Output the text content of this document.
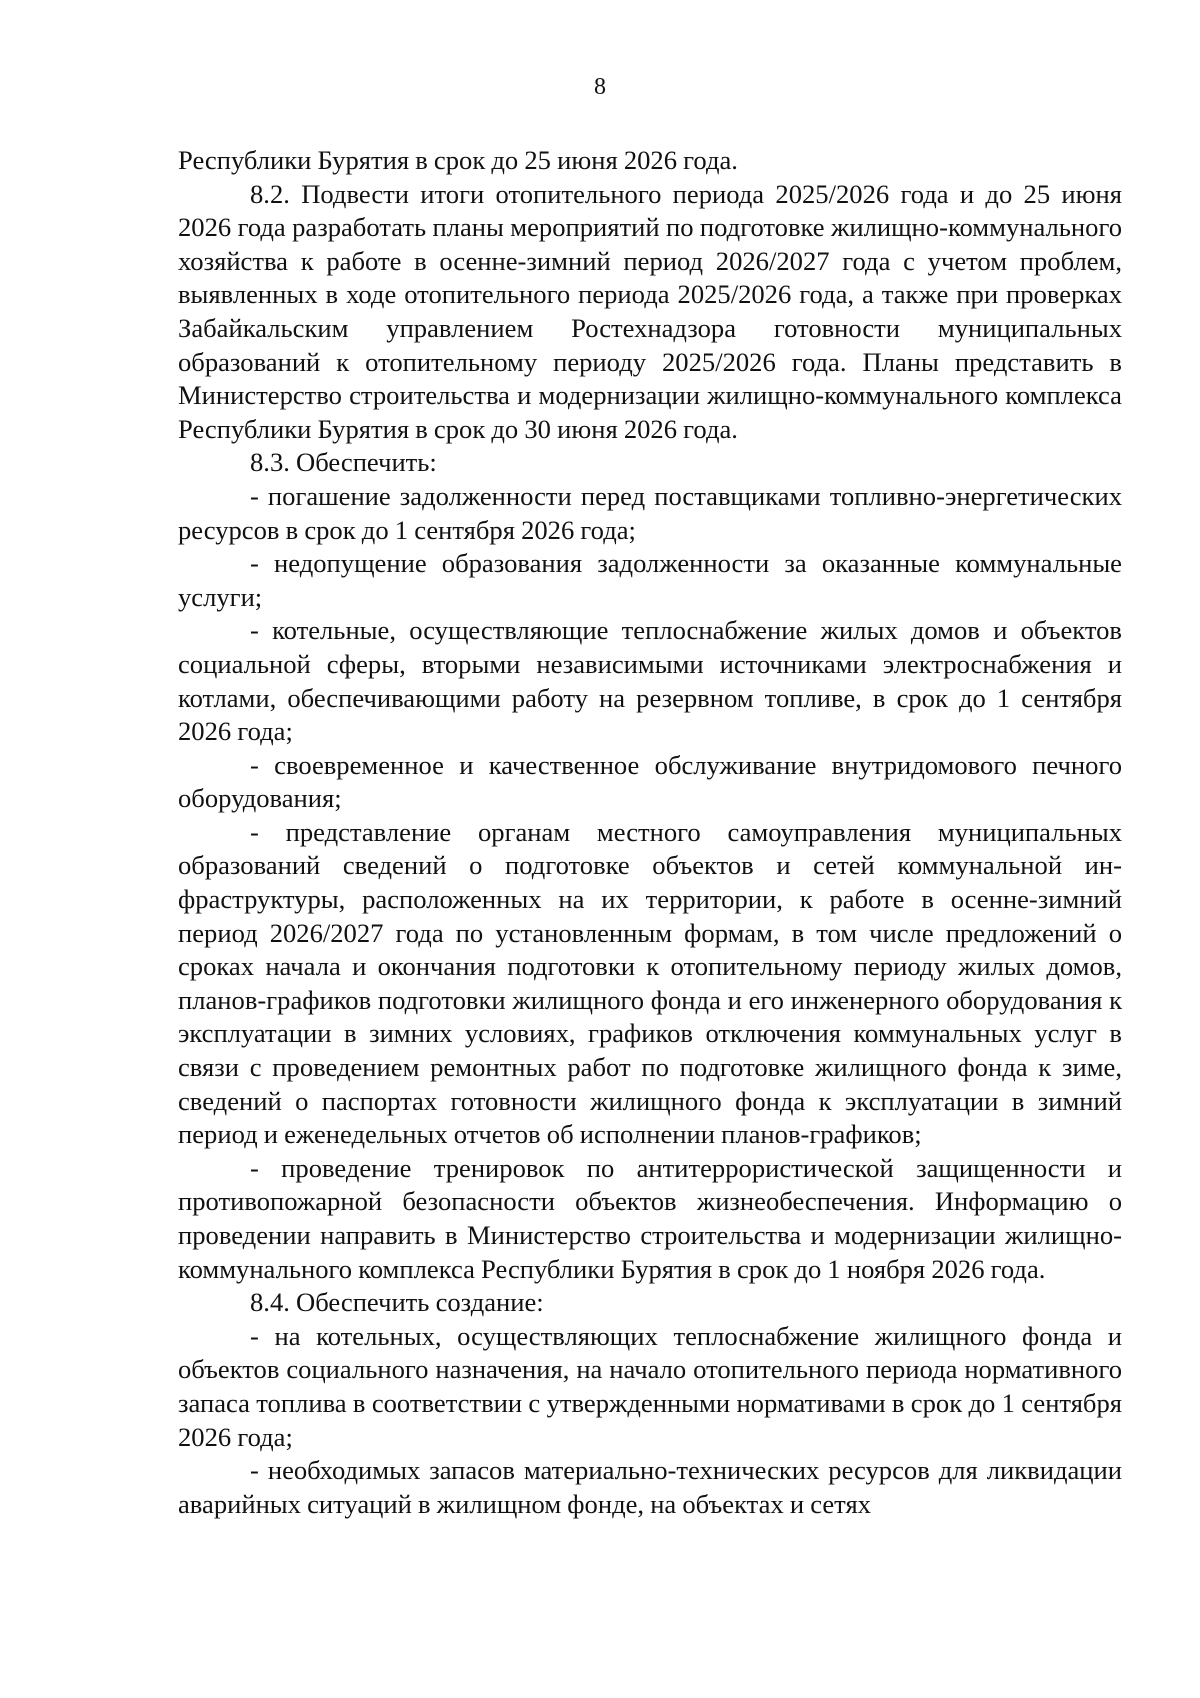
8

Республики Бурятия в срок до 25 июня 2026 года.

8.2. Подвести итоги отопительного периода 2025/2026 года и до 25 июня 2026 года разработать планы мероприятий по подготовке жилищно-коммунального хозяйства к работе в осенне-зимний период 2026/2027 года с учетом проблем, выявленных в ходе отопительного периода 2025/2026 года, а также при проверках Забайкальским управлением Ростехнадзора готовности муниципальных образований к отопительному периоду 2025/2026 года. Планы представить в Министерство строительства и модернизации жилищно-коммунального комплекса Республики Бурятия в срок до 30 июня 2026 года.

8.3. Обеспечить:

- погашение задолженности перед поставщиками топливно-энергетических ресурсов в срок до 1 сентября 2026 года;

- недопущение образования задолженности за оказанные коммунальные услуги;

- котельные, осуществляющие теплоснабжение жилых домов и объектов социальной сферы, вторыми независимыми источниками электроснабжения и котлами, обеспечивающими работу на резервном топливе, в срок до 1 сентября 2026 года;

- своевременное и качественное обслуживание внутридомового печного оборудования;

- представление органам местного самоуправления муниципальных образований сведений о подготовке объектов и сетей коммунальной инфраструктуры, расположенных на их территории, к работе в осенне-зимний период 2026/2027 года по установленным формам, в том числе предложений о сроках начала и окончания подготовки к отопительному периоду жилых домов, планов-графиков подготовки жилищного фонда и его инженерного оборудования к эксплуатации в зимних условиях, графиков отключения коммунальных услуг в связи с проведением ремонтных работ по подготовке жилищного фонда к зиме, сведений о паспортах готовности жилищного фонда к эксплуатации в зимний период и еженедельных отчетов об исполнении планов-графиков;

- проведение тренировок по антитеррористической защищенности и противопожарной безопасности объектов жизнеобеспечения. Информацию о проведении направить в Министерство строительства и модернизации жилищно-коммунального комплекса Республики Бурятия в срок до 1 ноября 2026 года.

8.4. Обеспечить создание:

- на котельных, осуществляющих теплоснабжение жилищного фонда и объектов социального назначения, на начало отопительного периода нормативного запаса топлива в соответствии с утвержденными нормативами в срок до 1 сентября 2026 года;

- необходимых запасов материально-технических ресурсов для ликвидации аварийных ситуаций в жилищном фонде, на объектах и сетях
